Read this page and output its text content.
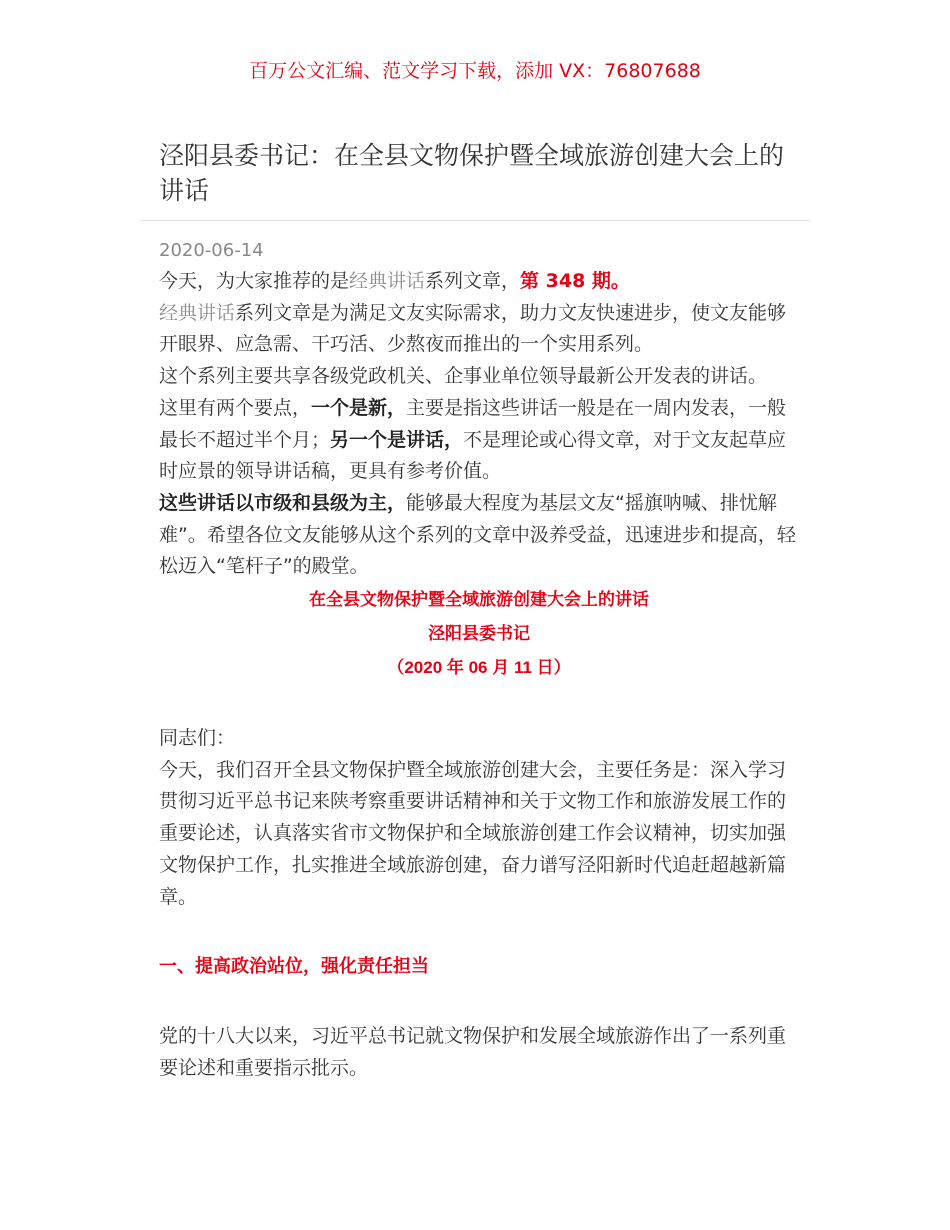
百万公文汇编、范文学习下载，添加 VX：76807688
泾阳县委书记：在全县文物保护暨全域旅游创建大会上的讲话
2020-06-14

今天，为大家推荐的是经典讲话系列文章，第 348 期。

经典讲话系列文章是为满足文友实际需求，助力文友快速进步，使文友能够开眼界、应急需、干巧活、少熬夜而推出的一个实用系列。

这个系列主要共享各级党政机关、企事业单位领导最新公开发表的讲话。

这里有两个要点，一个是新，主要是指这些讲话一般是在一周内发表，一般最长不超过半个月；另一个是讲话，不是理论或心得文章，对于文友起草应时应景的领导讲话稿，更具有参考价值。

这些讲话以市级和县级为主，能够最大程度为基层文友“摇旗呐喊、排忧解难”。希望各位文友能够从这个系列的文章中汲养受益，迅速进步和提高，轻松迈入“笔杆子”的殿堂。

在全县文物保护暨全域旅游创建大会上的讲话
泾阳县委书记
（2020 年 06 月 11 日）

同志们：

今天，我们召开全县文物保护暨全域旅游创建大会，主要任务是：深入学习贯彻习近平总书记来陕考察重要讲话精神和关于文物工作和旅游发展工作的重要论述，认真落实省市文物保护和全域旅游创建工作会议精神，切实加强文物保护工作，扎实推进全域旅游创建，奋力谱写泾阳新时代追赶超越新篇章。

一、提高政治站位，强化责任担当

党的十八大以来，习近平总书记就文物保护和发展全域旅游作出了一系列重要论述和重要指示批示。
